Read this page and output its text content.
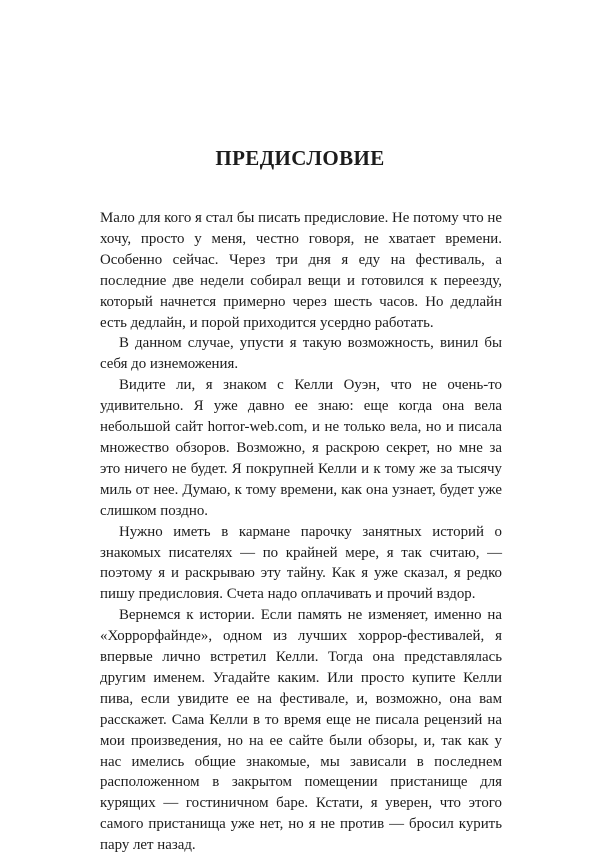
ПРЕДИСЛОВИЕ

Мало для кого я стал бы писать предисловие. Не потому что не хочу, просто у меня, честно говоря, не хватает времени. Особенно сейчас. Через три дня я еду на фестиваль, а последние две недели собирал вещи и готовился к переезду, который начнется примерно через шесть часов. Но дедлайн есть дедлайн, и порой приходится усердно работать.

В данном случае, упусти я такую возможность, винил бы себя до изнеможения.

Видите ли, я знаком с Келли Оуэн, что не очень-то удивительно. Я уже давно ее знаю: еще когда она вела небольшой сайт horror-web.com, и не только вела, но и писала множество обзоров. Возможно, я раскрою секрет, но мне за это ничего не будет. Я покрупней Келли и к тому же за тысячу миль от нее. Думаю, к тому времени, как она узнает, будет уже слишком поздно.

Нужно иметь в кармане парочку занятных историй о знакомых писателях — по крайней мере, я так считаю, — поэтому я и раскрываю эту тайну. Как я уже сказал, я редко пишу предисловия. Счета надо оплачивать и прочий вздор.

Вернемся к истории. Если память не изменяет, именно на «Хоррорфайнде», одном из лучших хоррор-фестивалей, я впервые лично встретил Келли. Тогда она представлялась другим именем. Угадайте каким. Или просто купите Келли пива, если увидите ее на фестивале, и, возможно, она вам расскажет. Сама Келли в то время еще не писала рецензий на мои произведения, но на ее сайте были обзоры, и, так как у нас имелись общие знакомые, мы зависали в последнем расположенном в закрытом помещении пристанище для курящих — гостиничном баре. Кстати, я уверен, что этого самого пристанища уже нет, но я не против — бросил курить пару лет назад.
